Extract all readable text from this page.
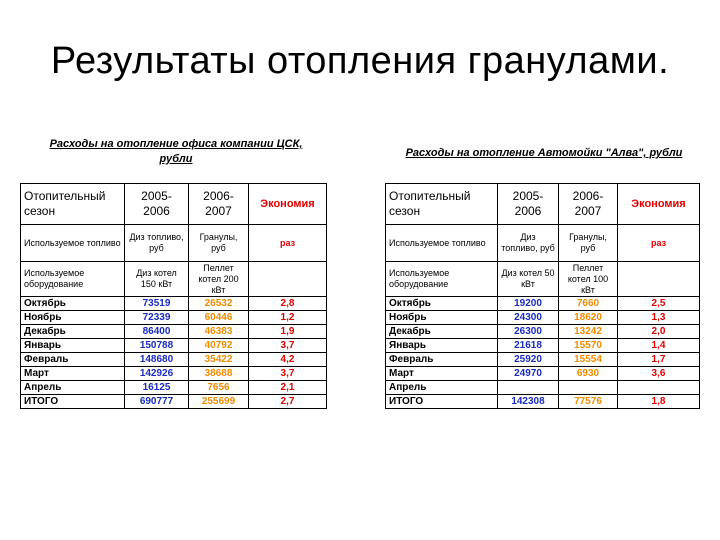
Результаты отопления гранулами.
Расходы на отопление офиса компании ЦСК,
рубли	Расходы на отопление Автомойки "Алва", рубли
Отопительный сезон	2005-2006	2006-2007	Экономия
Используемое топливо	Диз топливо, руб	Гранулы, руб	раз
Используемое оборудование	Диз котел 150 кВт	Пеллет котел 200 кВт	
Октябрь	73519	26532	2,8
Ноябрь	72339	60446	1,2
Декабрь	86400	46383	1,9
Январь	150788	40792	3,7
Февраль	148680	35422	4,2
Март	142926	38688	3,7
Апрель	16125	7656	2,1
ИТОГО	690777	255699	2,7
Отопительный сезон	2005-2006	2006-2007	Экономия
Используемое топливо	Диз топливо, руб	Гранулы, руб	раз
Используемое оборудование	Диз котел 50 кВт	Пеллет котел 100 кВт	
Октябрь	19200	7660	2,5
Ноябрь	24300	18620	1,3
Декабрь	26300	13242	2,0
Январь	21618	15570	1,4
Февраль	25920	15554	1,7
Март	24970	6930	3,6
Апрель			
ИТОГО	142308	77576	1,8
